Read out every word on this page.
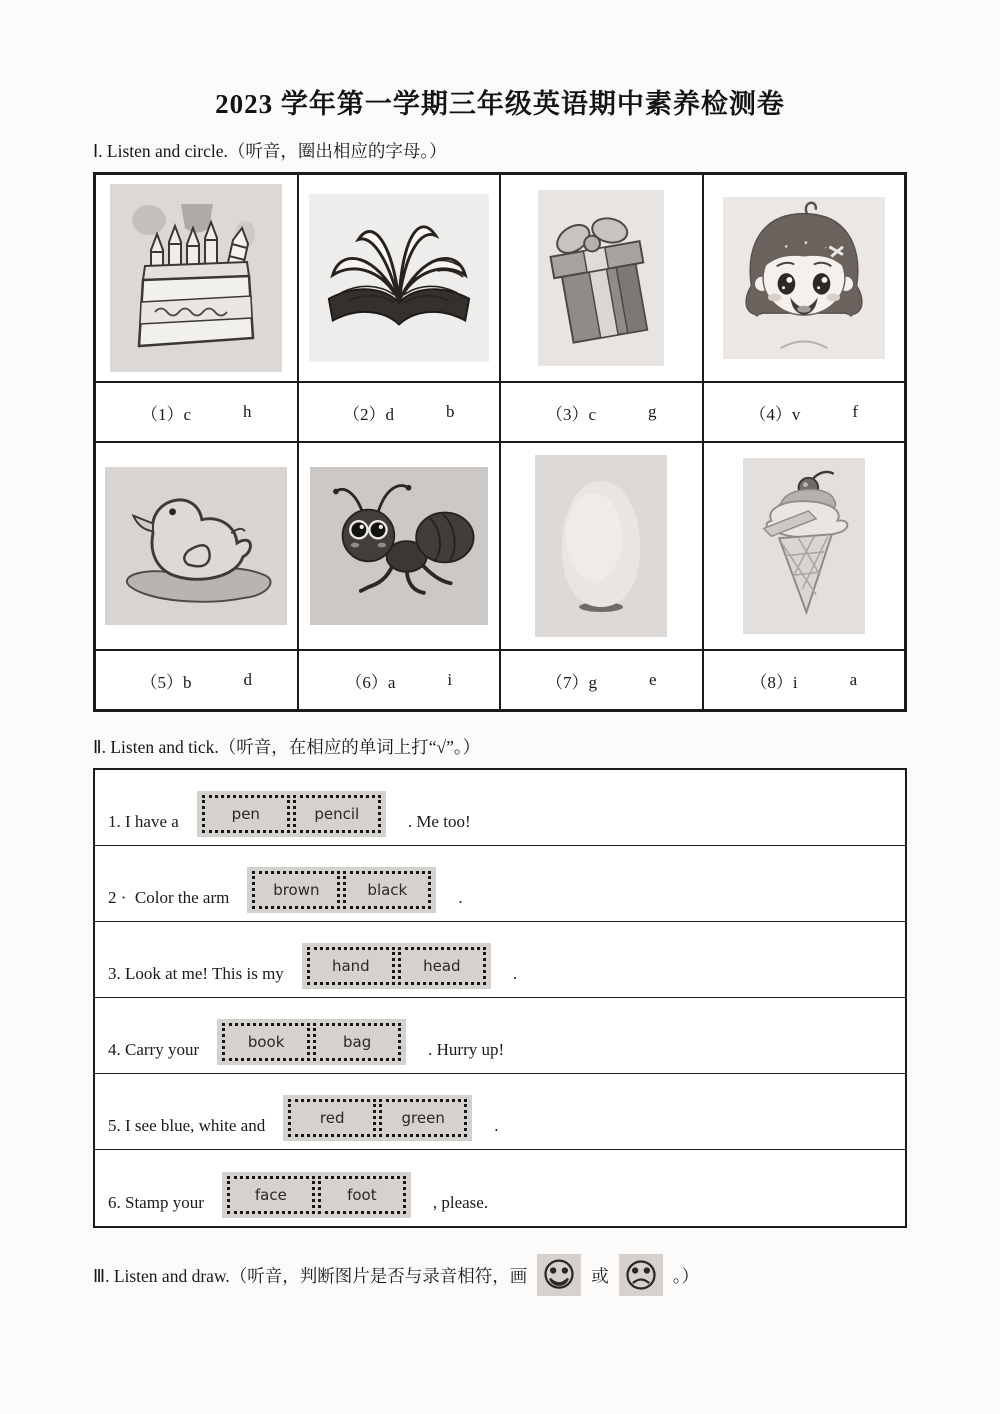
2023 学年第一学期三年级英语期中素养检测卷
Ⅰ. Listen and circle.（听音，圈出相应的字母。）
（1）c	h	（2）d	b	（3）c	g	（4）v	f
（5）b	d	（6）a	i	（7）g	e	（8）i	a
Ⅱ. Listen and tick.（听音，在相应的单词上打“√”。）
1. I have a	pen	pencil	. Me too!
2 ·  Color the arm	brown	black	.
3. Look at me! This is my	hand	head	.
4. Carry your	book	bag	. Hurry up!
5. I see blue, white and	red	green	.
6. Stamp your	face	foot	, please.
Ⅲ. Listen and draw.（听音，判断图片是否与录音相符，画	或	。）
